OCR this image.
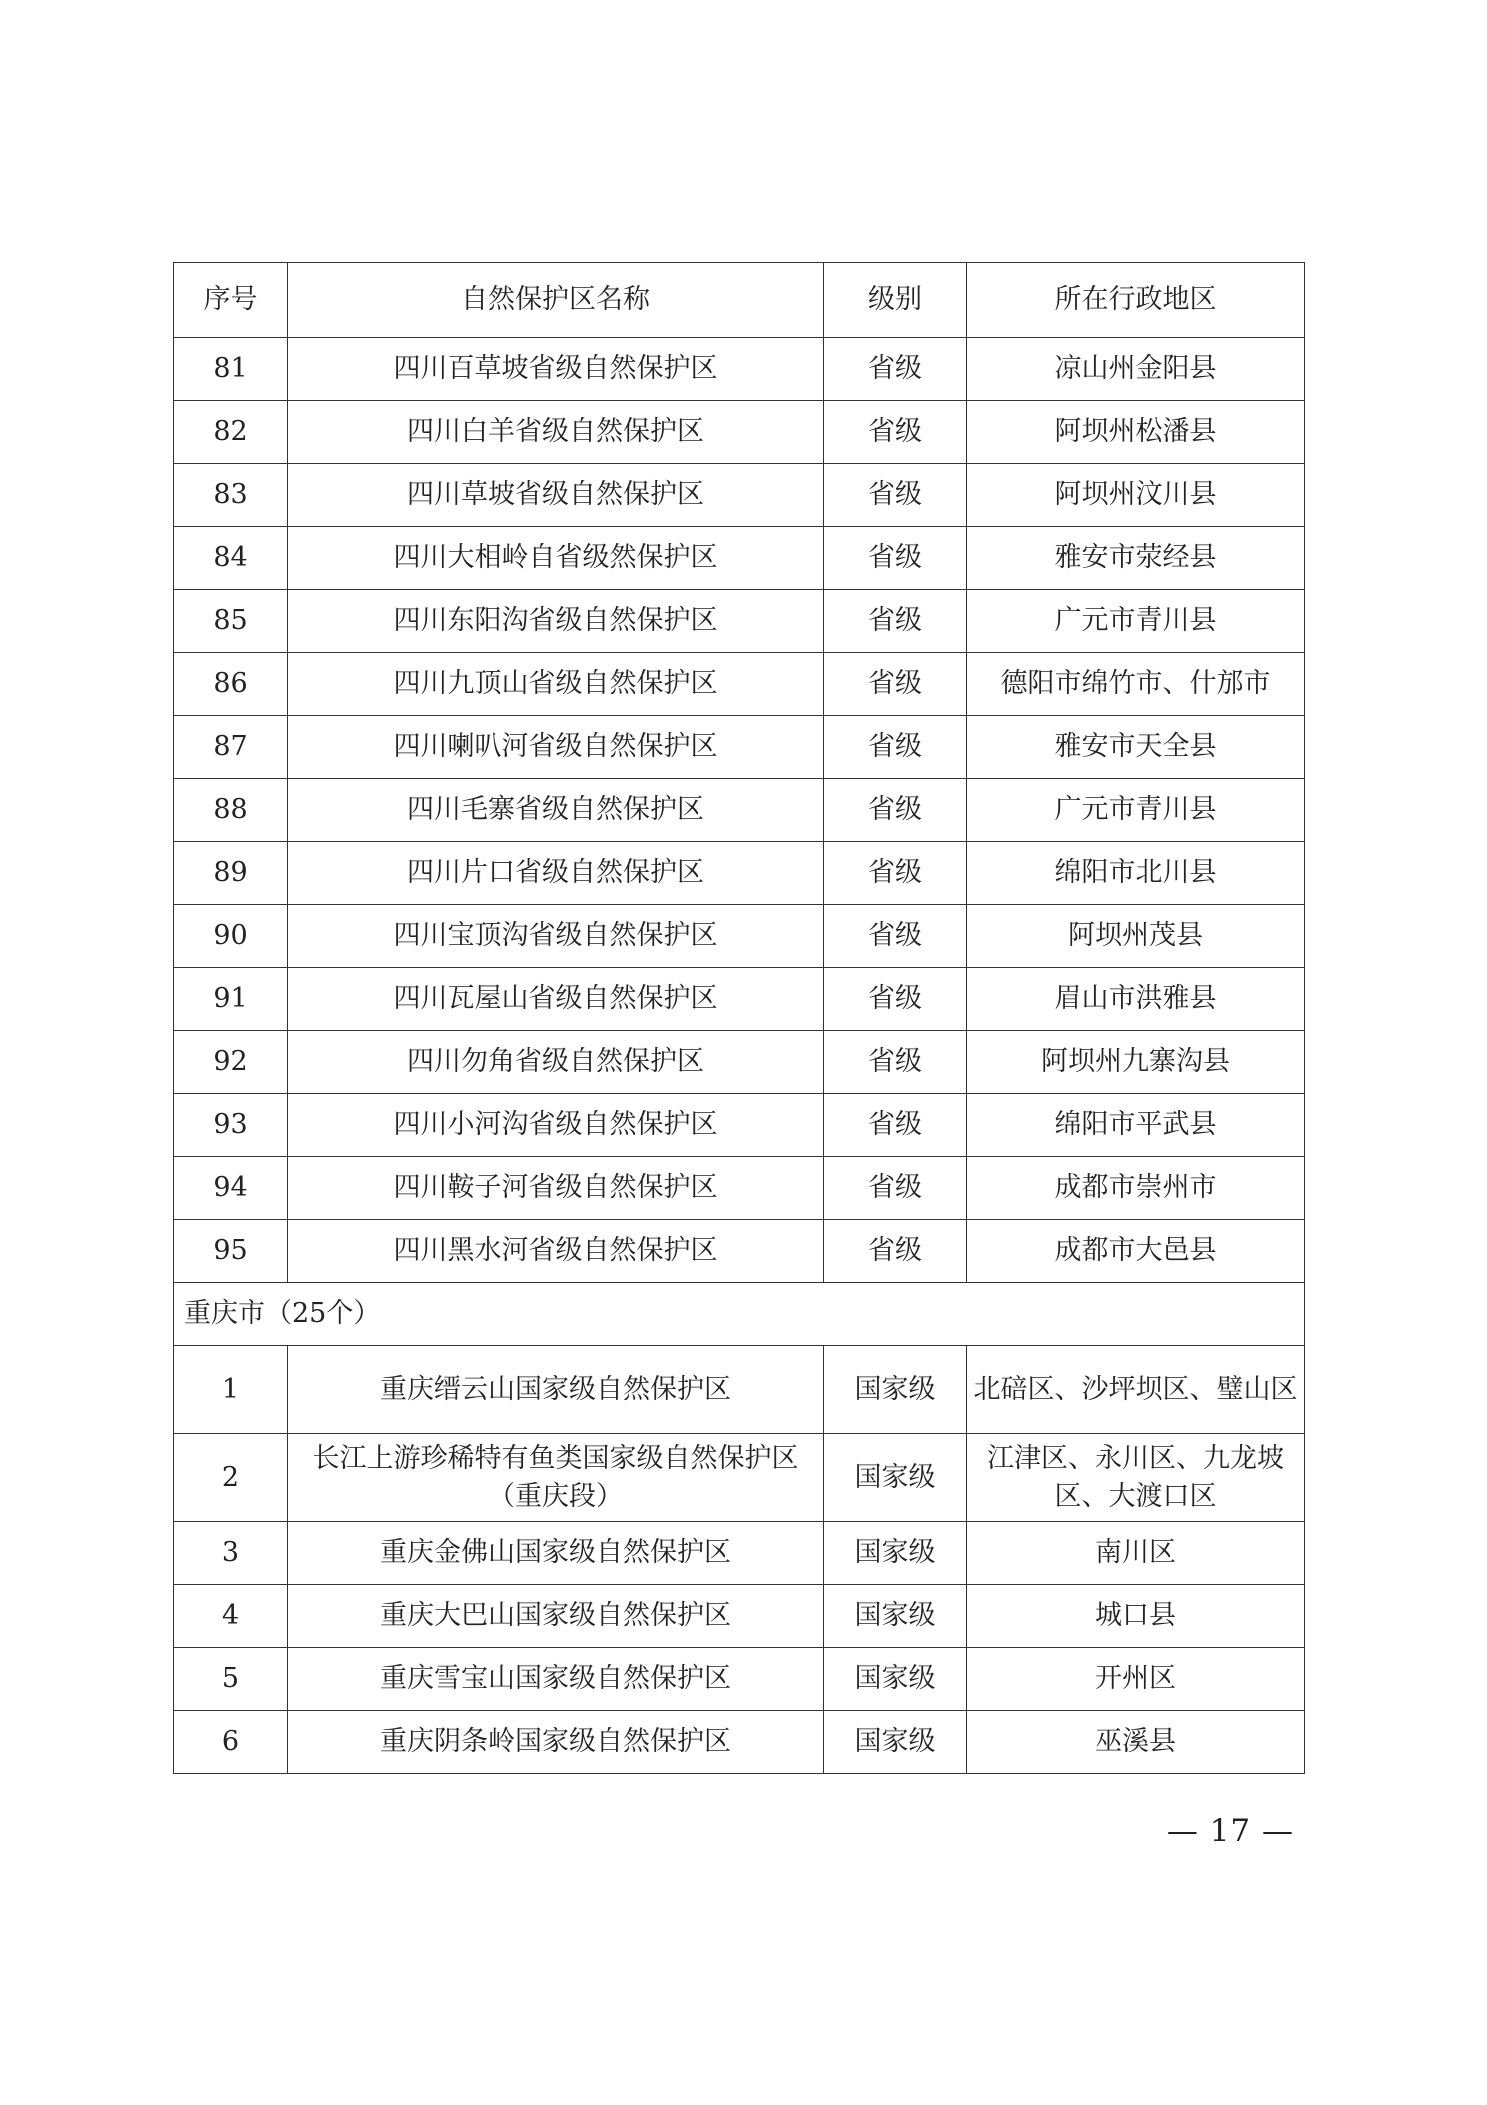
序号	自然保护区名称	级别	所在行政地区
81	四川百草坡省级自然保护区	省级	凉山州金阳县
82	四川白羊省级自然保护区	省级	阿坝州松潘县
83	四川草坡省级自然保护区	省级	阿坝州汶川县
84	四川大相岭自省级然保护区	省级	雅安市荥经县
85	四川东阳沟省级自然保护区	省级	广元市青川县
86	四川九顶山省级自然保护区	省级	德阳市绵竹市、什邡市
87	四川喇叭河省级自然保护区	省级	雅安市天全县
88	四川毛寨省级自然保护区	省级	广元市青川县
89	四川片口省级自然保护区	省级	绵阳市北川县
90	四川宝顶沟省级自然保护区	省级	阿坝州茂县
91	四川瓦屋山省级自然保护区	省级	眉山市洪雅县
92	四川勿角省级自然保护区	省级	阿坝州九寨沟县
93	四川小河沟省级自然保护区	省级	绵阳市平武县
94	四川鞍子河省级自然保护区	省级	成都市崇州市
95	四川黑水河省级自然保护区	省级	成都市大邑县
重庆市（25个）			
1	重庆缙云山国家级自然保护区	国家级	北碚区、沙坪坝区、璧山区
2	长江上游珍稀特有鱼类国家级自然保护区（重庆段）	国家级	江津区、永川区、九龙坡区、大渡口区
3	重庆金佛山国家级自然保护区	国家级	南川区
4	重庆大巴山国家级自然保护区	国家级	城口县
5	重庆雪宝山国家级自然保护区	国家级	开州区
6	重庆阴条岭国家级自然保护区	国家级	巫溪县
— 17 —
